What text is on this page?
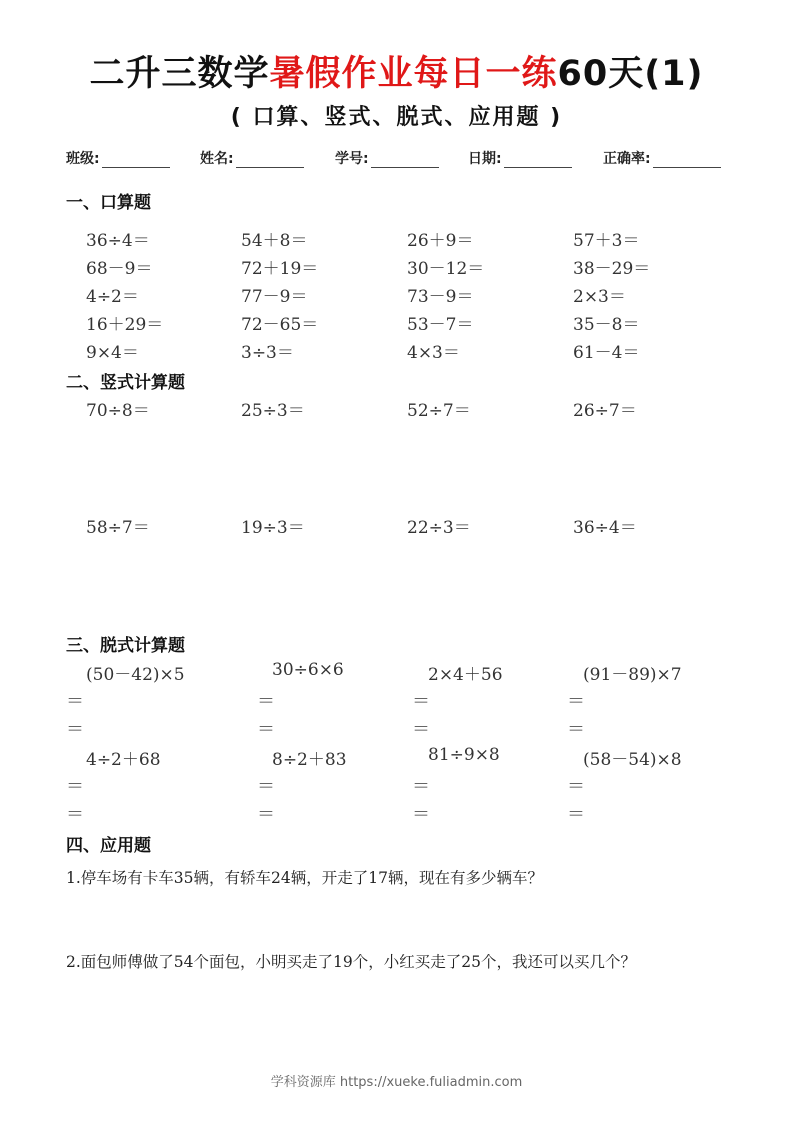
二升三数学暑假作业每日一练60天(1)
( 口算、竖式、脱式、应用题 )
班级:	姓名:	学号:	日期:	正确率:
一、口算题
36÷4＝	54＋8＝	26＋9＝	57＋3＝
68－9＝	72＋19＝	30－12＝	38－29＝
4÷2＝	77－9＝	73－9＝	2×3＝
16＋29＝	72－65＝	53－7＝	35－8＝
9×4＝	3÷3＝	4×3＝	61－4＝
二、竖式计算题
70÷8＝	25÷3＝	52÷7＝	26÷7＝
58÷7＝	19÷3＝	22÷3＝	36÷4＝
三、脱式计算题
(50－42)×5	30÷6×6	2×4＋56	(91－89)×7
＝	＝	＝	＝
＝	＝	＝	＝
4÷2＋68	8÷2＋83	81÷9×8	(58－54)×8
＝	＝	＝	＝
＝	＝	＝	＝
四、应用题
1.停车场有卡车35辆，有轿车24辆，开走了17辆，现在有多少辆车？
2.面包师傅做了54个面包，小明买走了19个，小红买走了25个，我还可以买几个？
学科资源库 https://xueke.fuliadmin.com
